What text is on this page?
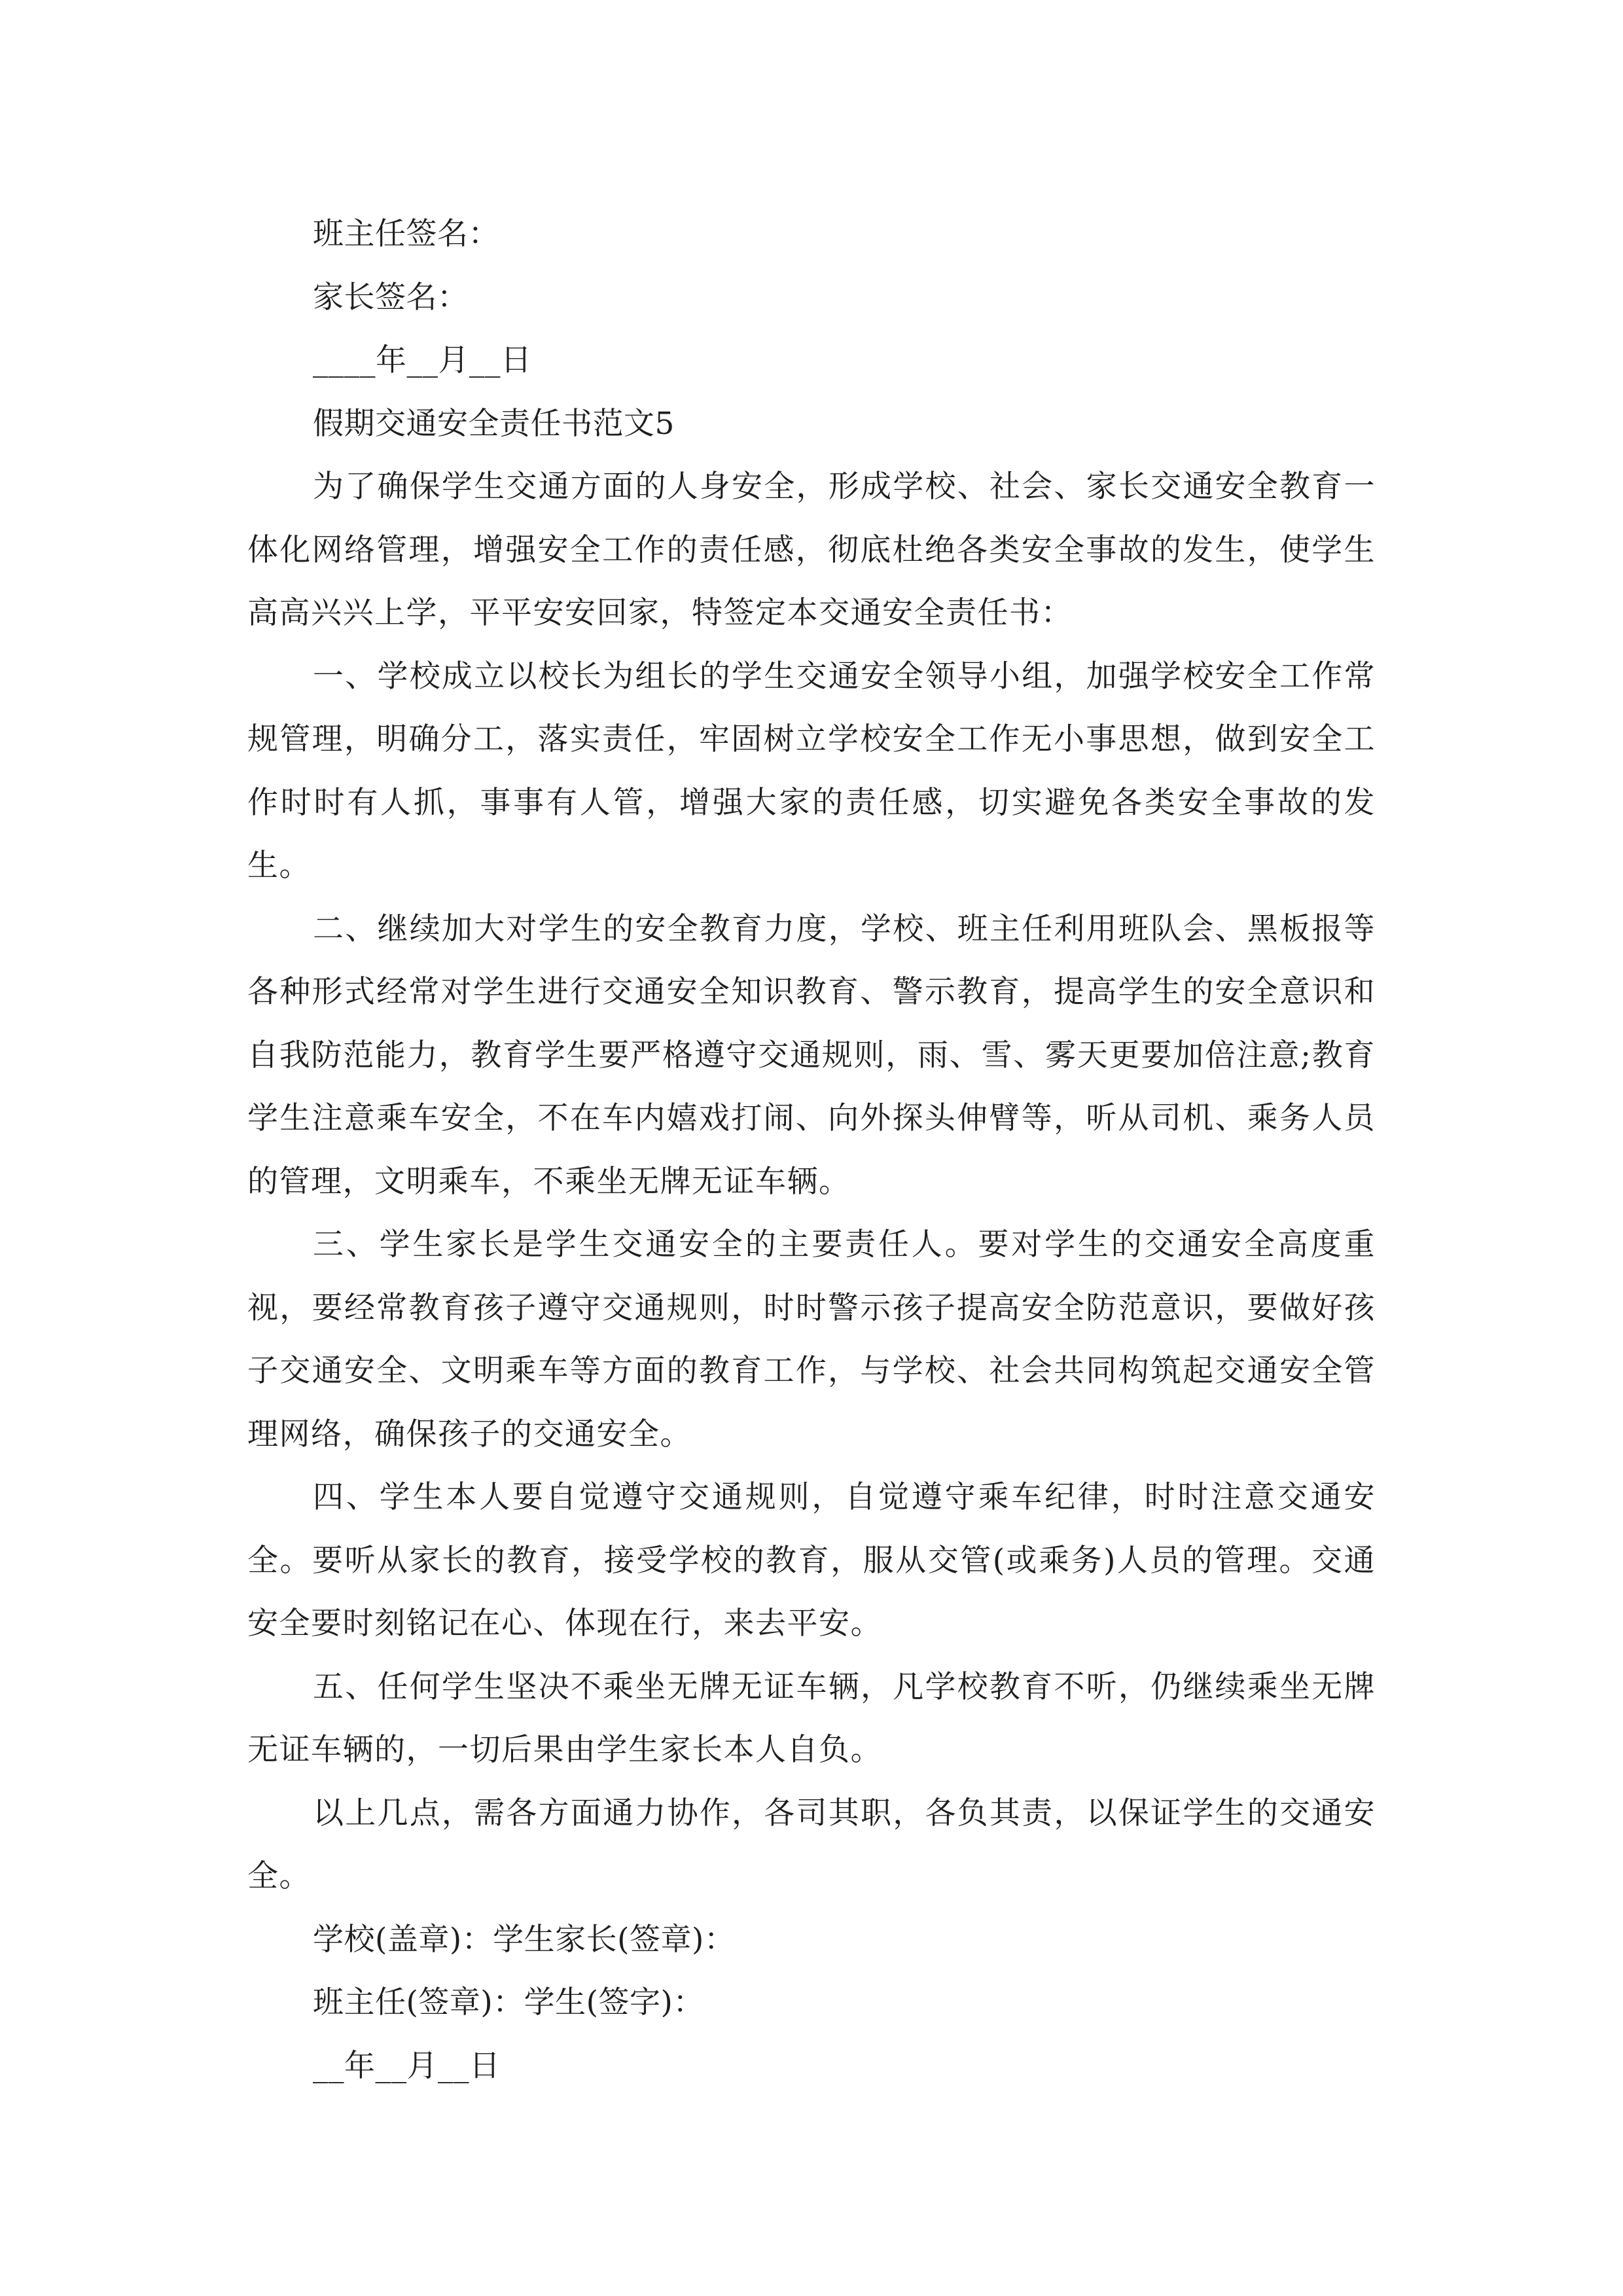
班主任签名：
家长签名：
____年__月__日
假期交通安全责任书范文5

为了确保学生交通方面的人身安全，形成学校、社会、家长交通安全教育一体化网络管理，增强安全工作的责任感，彻底杜绝各类安全事故的发生，使学生高高兴兴上学，平平安安回家，特签定本交通安全责任书：

一、学校成立以校长为组长的学生交通安全领导小组，加强学校安全工作常规管理，明确分工，落实责任，牢固树立学校安全工作无小事思想，做到安全工作时时有人抓，事事有人管，增强大家的责任感，切实避免各类安全事故的发生。

二、继续加大对学生的安全教育力度，学校、班主任利用班队会、黑板报等各种形式经常对学生进行交通安全知识教育、警示教育，提高学生的安全意识和自我防范能力，教育学生要严格遵守交通规则，雨、雪、雾天更要加倍注意;教育学生注意乘车安全，不在车内嬉戏打闹、向外探头伸臂等，听从司机、乘务人员的管理，文明乘车，不乘坐无牌无证车辆。

三、学生家长是学生交通安全的主要责任人。要对学生的交通安全高度重视，要经常教育孩子遵守交通规则，时时警示孩子提高安全防范意识，要做好孩子交通安全、文明乘车等方面的教育工作，与学校、社会共同构筑起交通安全管理网络，确保孩子的交通安全。

四、学生本人要自觉遵守交通规则，自觉遵守乘车纪律，时时注意交通安全。要听从家长的教育，接受学校的教育，服从交管(或乘务)人员的管理。交通安全要时刻铭记在心、体现在行，来去平安。

五、任何学生坚决不乘坐无牌无证车辆，凡学校教育不听，仍继续乘坐无牌无证车辆的，一切后果由学生家长本人自负。

以上几点，需各方面通力协作，各司其职，各负其责，以保证学生的交通安全。

学校(盖章)：学生家长(签章)：
班主任(签章)：学生(签字)：
__年__月__日
